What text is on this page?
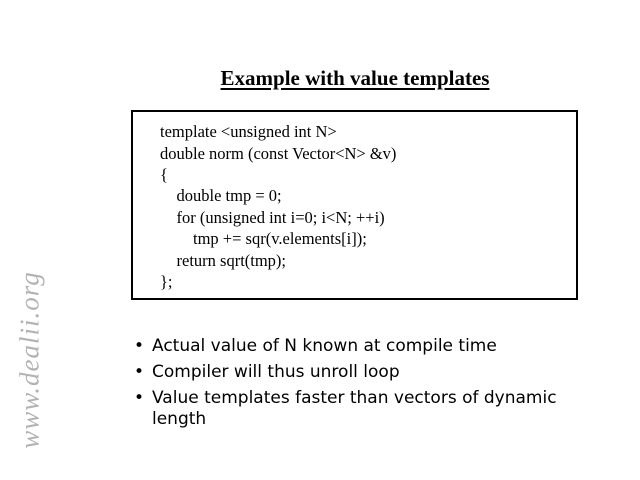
www.dealii.org
Example with value templates
template <unsigned int N>
double norm (const Vector<N> &v)
{
double tmp = 0;
for (unsigned int i=0; i<N; ++i)
tmp += sqr(v.elements[i]);
return sqrt(tmp);
};
• Actual value of N known at compile time
• Compiler will thus unroll loop
• Value templates faster than vectors of dynamic length
